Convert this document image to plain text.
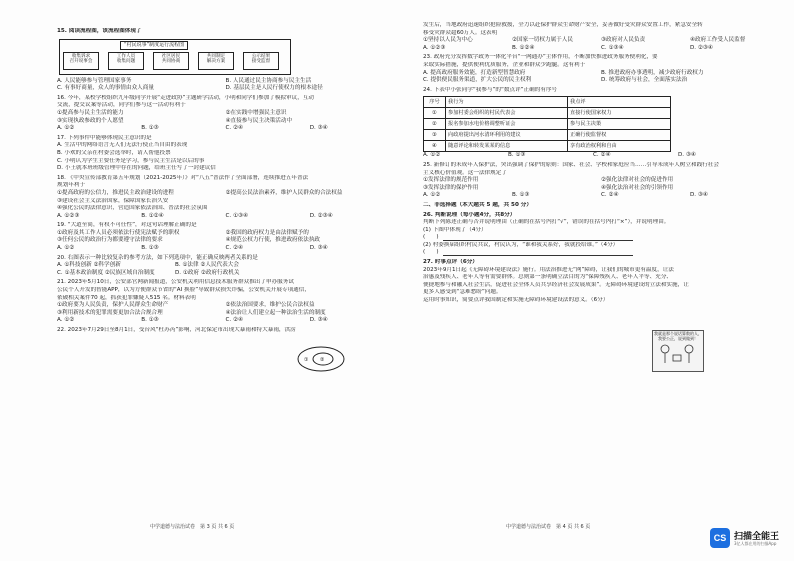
15. 阅读流程图，该流程图体现了
“村民说事”制度运行流程图
收集诉求
召开说事会
工作人员
收集问题
社区居民
共同协商
共同制定
解决方案
公示结果
接受监督
A. 人民能够参与管理国家事务	B. 人民通过民主协商参与民主生活
C. 有事好商量，众人的事情由众人商量	D. 基层民主是人民行使权力的根本途径
16. 今年，某校学校组织九年级同学开展“走进政协”主题研学活动，小明和同学们参加了模拟审议，互动
交流，提交议案等活动，同学们参与这一活动有利于
①提高参与民主生活的能力	②在实践中增强民主意识
③实现执政参政的个人愿望	④直接参与民主决策活动中
A. ①②	B. ①③	C. ②④	D. ③④
17. 下列事件中能够体现民主意识的是
A. 生活中的网络语言无人们无法行使正当自由的表现
B. 小欢的父亲在村委会选举时，请人帮他投票
C. 小明认为学生主要任务是学习，参与民主生活是以后的事
D. 小王就本班班级管理中存在的问题，给班主任写了一封建议信
18. 《中央宣传部教育第五年规划（2021-2025年）》对“八五”普法作了全面部署，连续推进五年普法
规划年利于
①提高政府的公信力，推进民主政治建设的进程	②提高公民法治素养，维护人民群众的合法权益
③建设社会主义法治国家，保障国家长治久安
④强化公民的法律意识，营造国家依法治国、普法的社会氛围
A. ①②③	B. ①②④	C. ①③④	D. ②③④
19. “大道至简，有权不可任性”，对这句话理解正确的是
①政府及其工作人员必须依法行使宪法赋予的职权	②我国的政府权力是由法律赋予的
③任何公民的政治行为都要遵守法律的要求	④规范公权力行使，推进政府依法执政
A. ①②	B. ①③	C. ②④	D. ③④
20. 右图表示一种比较复杂的参考方法，如下列选项中，能正确反映两者关系的是
A. ①科技创新 ②科学创新	B. ①法律 ②人民代表大会
C. ①基本政治制度 ②民族区域自治制度	D. ①政府 ②政府行政机关
21. 2023年5月10日，公安部官网新闻报道，公安机关利用信息技术服务群众推出了申办服务试
公民个人开发的智能APP，以为方便群众节省的“AI 换脸”导致群众损失诈骗，公安机关开展专项通信，
依破相关案件70 起，抓获犯罪嫌疑人515 名。材料表明
①政府要为人民负责，保护人民群众生命财产	②依法治国要求，维护公民合法权益
③利用新技术的犯罪需要更加合法合规合理	④法治让人们建立起一种法治生活的制度
A. ①②	B. ①③	C. ②④	D. ③④
22. 2023年7月29日至8月1日，受台风“杜苏芮”影响，河北保定市出现大暴雨和特大暴雨，洪涝
① ②
中学道德与法治试卷　第 3 页 共 6 页
发生后，当地政府迅速组织抢险救援，全力以赴保护群众生命财产安全，妥善做好受灾群众安置工作，紧急安全转
移受灾群众超60万人。这表明
①坚持以人民为中心	②国家一切权力属于人民	③政府对人民负责	④政府工作受人民监督
A. ①②③	B. ①②④	C. ①③④	D. ②③④
23. 政府充分发挥数字政务一体化平台“一网通办”主体作用，不断加快推进政务服务便利化，要
采取实际措施，提供便利优质服务，企业和群众少跑腿。这有利于
A. 提高政府服务效能，打造新型智慧政府	B. 推进政府办事透明，减少政府行政权力
C. 提供便民服务渠道，扩大公民的民主权利	D. 统筹政府与社会，全面落实法治
24. 下表中小张同学“我参与”的“数点评”正确的有序号
序号	我行为	我点评
①	参加村委会组织的村民代表会	直接行使国家权力
②	报名参加水电价格调整听证会	参与民主决策
③	向政府提出河水清环利用的建议	正确行使监督权
④	随意评论和转发某某的信息	享有政治权利和自由
A. ①②	B. ①③	C. ②④	D. ③④
25. 新修订的未成年人保护法，突出强调了保护的原则：国家、社会、学校和家庭应当……引导未成年人树立和践行社会
主义核心价值观。这一法律规定了
①发挥法律的规范作用	②强化法律对社会的促进作用
③发挥法律的保护作用	④强化法治对社会的引领作用
A. ①②	B. ①③	C. ②④	D. ③④
二、非选择题（本大题共 5 题，共 50 分）
26. 判断说理（每小题4分，共8分）
判断下列陈述正确与否并说明理由（正确的在括号内打“√”，错误的在括号内打“×”），并说明理由。
(1) 下图中体现了（4分）
(　　)
(2) 村委换届组织村民共议，村民认为，“谁和我关系好，我就投给谁。”（4分）
(　　)
27. 时事点评（6分）
2023年9月1日起《无障碍环境建设法》施行。用法治推进无“网”障碍，让我们的城市更有温度，让法
治惠及残疾人、老年人等有需要群体。总则第一条明确立法目的为“保障残疾人、老年人平等、充分、
便捷地参与和融入社会生活，促进社会全体人员共享经济社会发展成果”。无障碍环境建设的立法和实施，让
更多人感受到“急难愁盼”问题。
运用时事知识，简要点评我国制定和实施无障碍环境建设法的意义。（6分）
我就是那个说话算数的人，我要公正，说到做到！
中学道德与法治试卷　第 4 页 共 6 页
CS 扫描全能王
3亿人都在用的扫描App
